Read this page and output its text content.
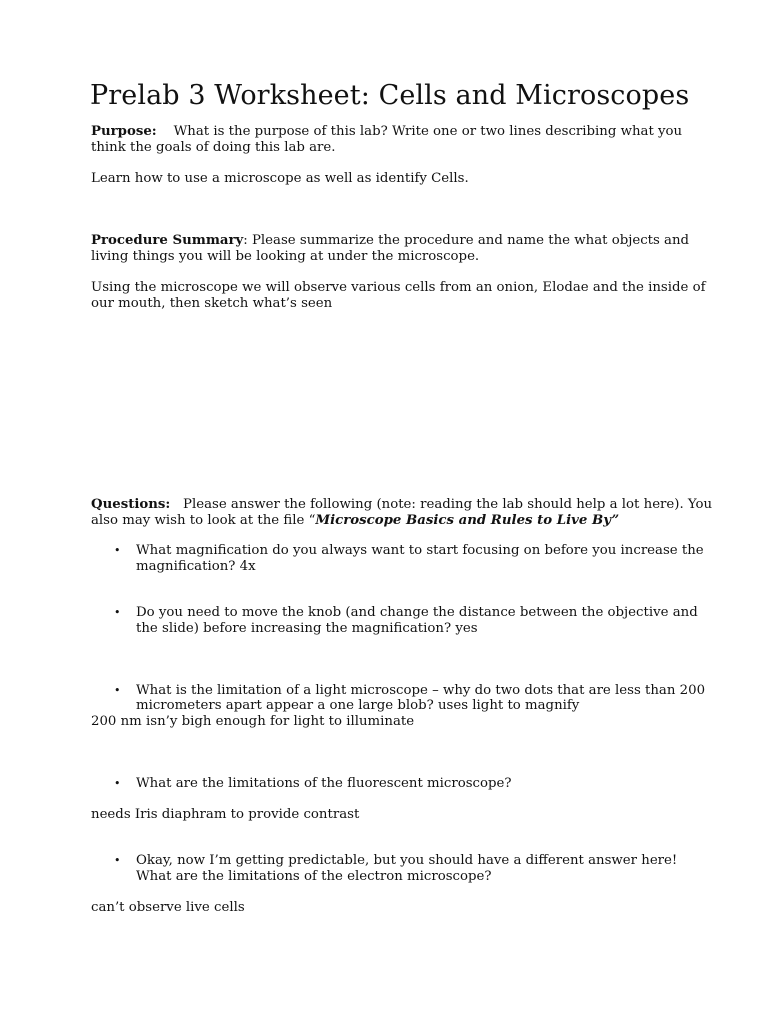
Prelab 3 Worksheet: Cells and Microscopes
Purpose: What is the purpose of this lab? Write one or two lines describing what you
think the goals of doing this lab are.
Learn how to use a microscope as well as identify Cells.
Procedure Summary: Please summarize the procedure and name the what objects and
living things you will be looking at under the microscope.
Using the microscope we will observe various cells from an onion, Elodae and the inside of
our mouth, then sketch what’s seen
Questions: Please answer the following (note: reading the lab should help a lot here). You
also may wish to look at the file “Microscope Basics and Rules to Live By”
• What magnification do you always want to start focusing on before you increase the
magnification? 4x
• Do you need to move the knob (and change the distance between the objective and
the slide) before increasing the magnification? yes
• What is the limitation of a light microscope – why do two dots that are less than 200
micrometers apart appear a one large blob? uses light to magnify
200 nm isn’y bigh enough for light to illuminate
• What are the limitations of the fluorescent microscope?
needs Iris diaphram to provide contrast
• Okay, now I’m getting predictable, but you should have a different answer here!
What are the limitations of the electron microscope?
can’t observe live cells
